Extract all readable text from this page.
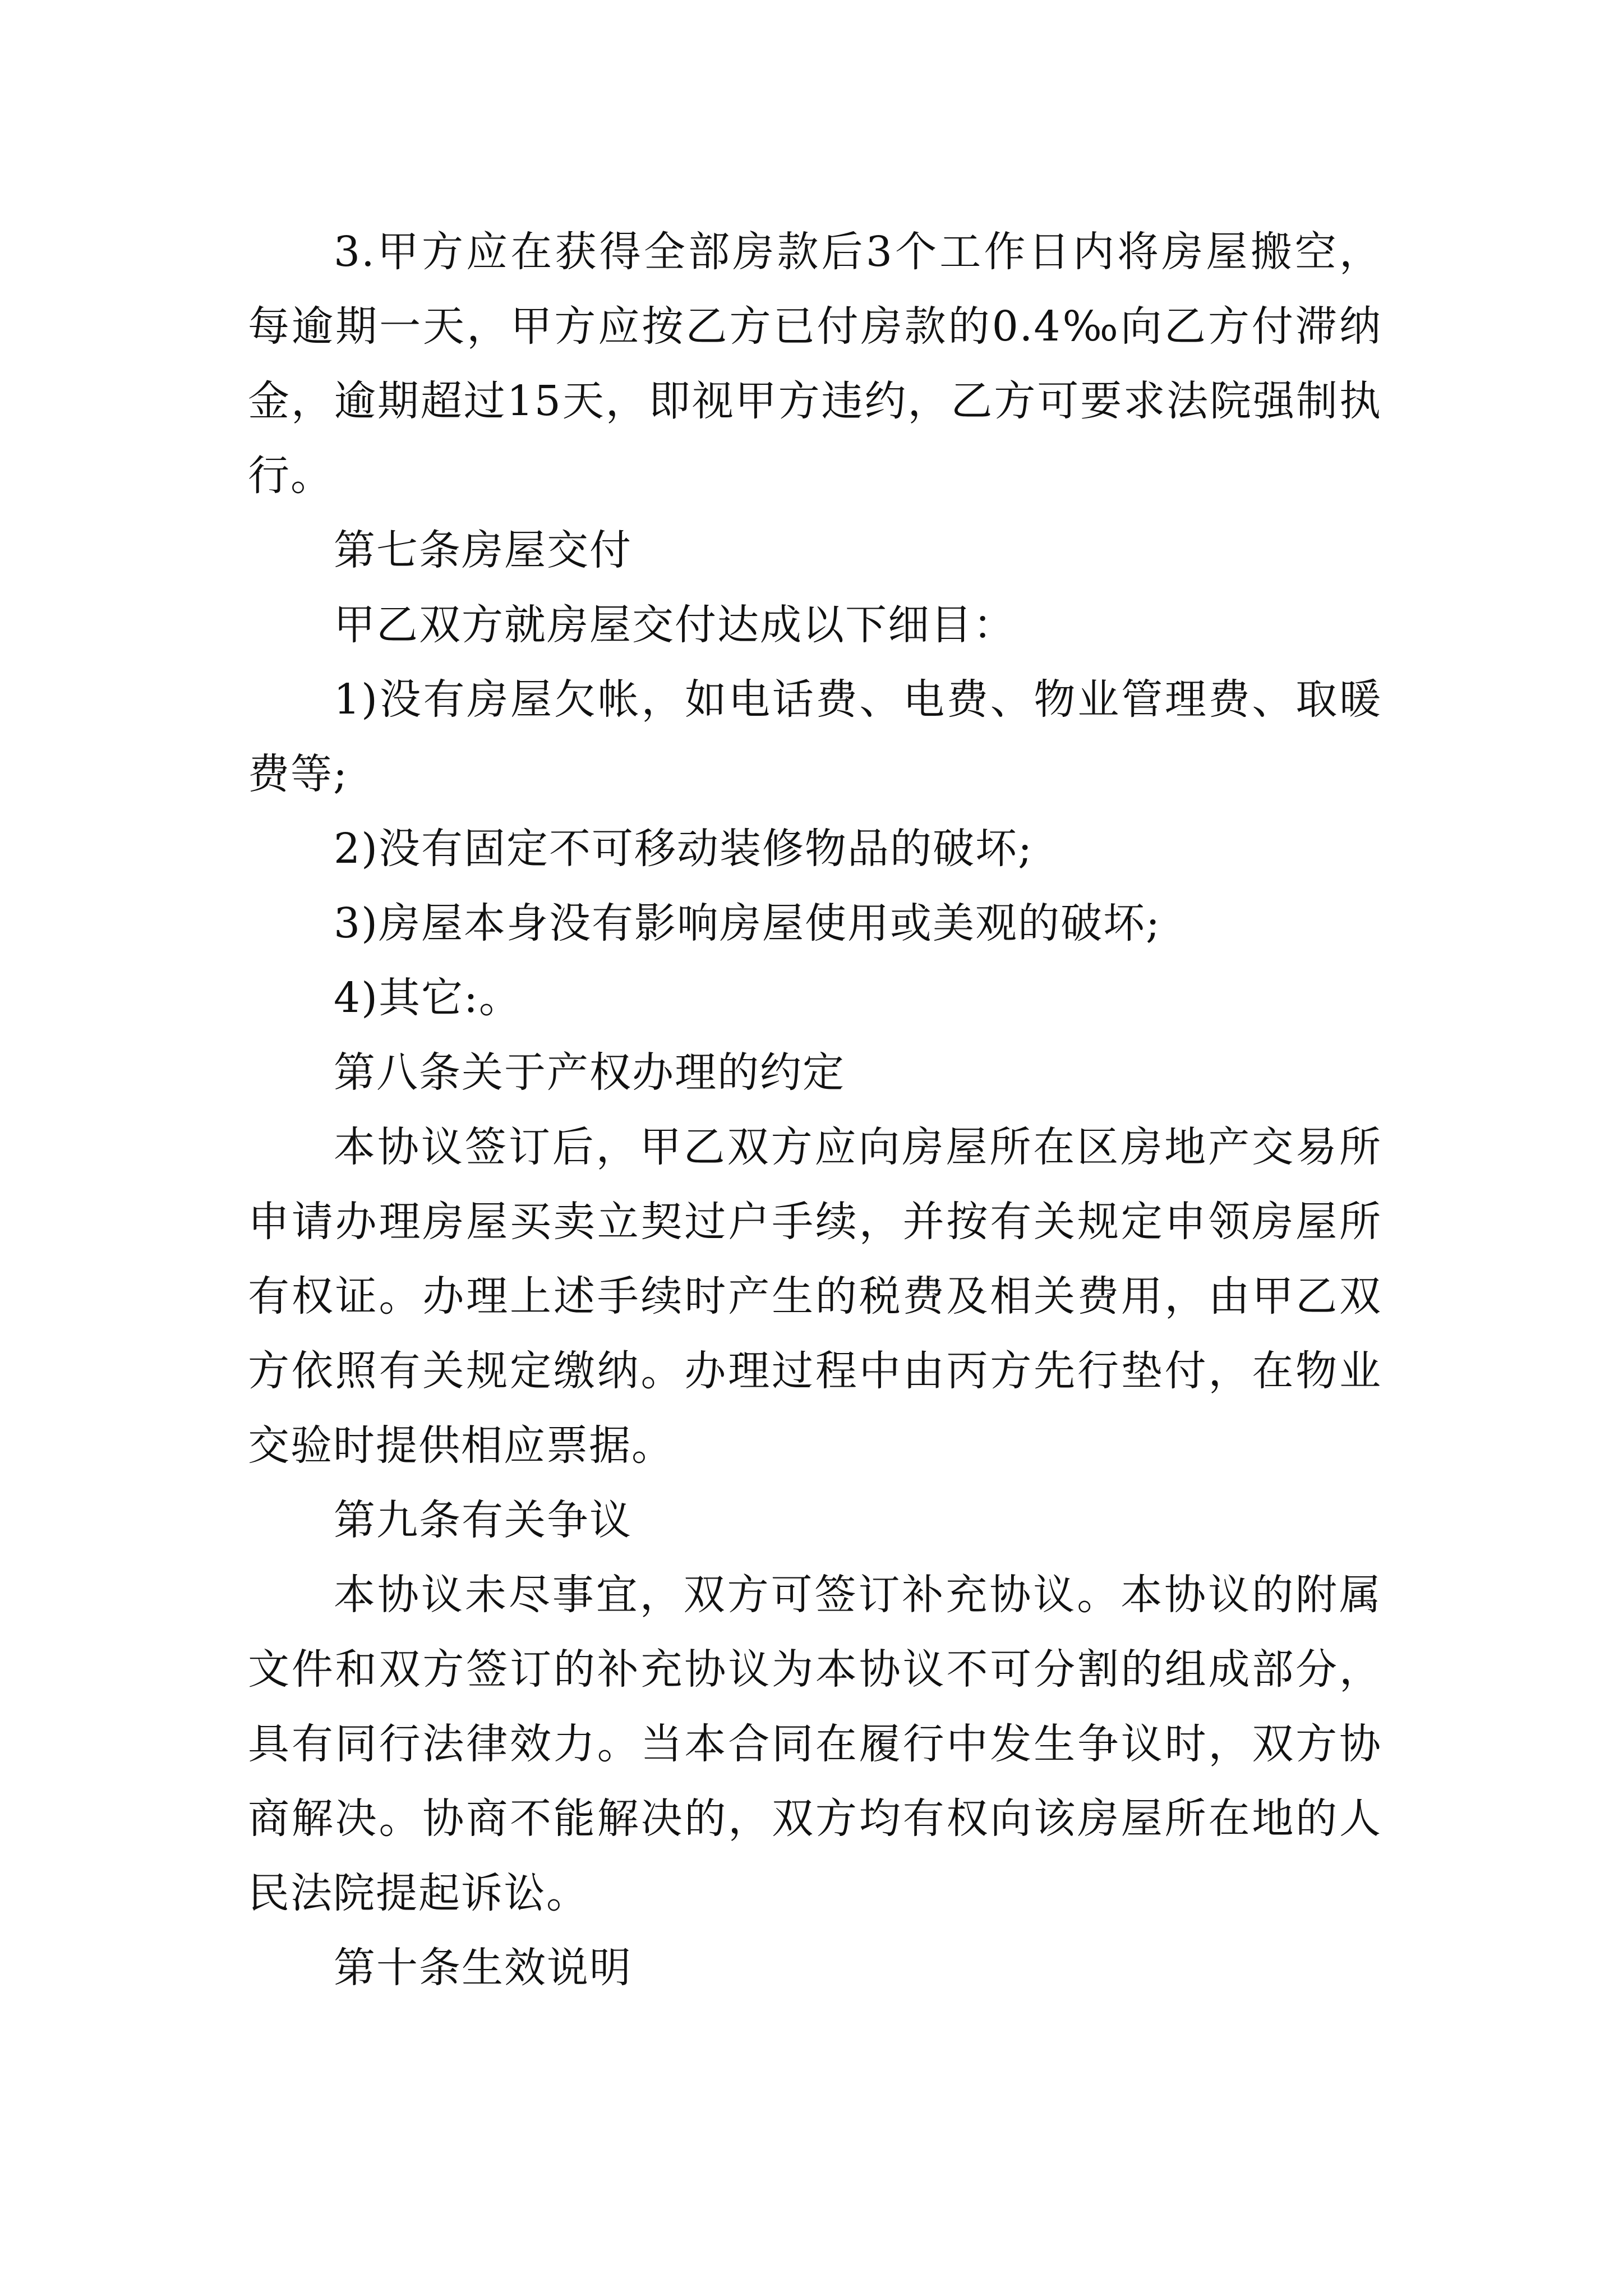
3.甲方应在获得全部房款后3个工作日内将房屋搬空，每逾期一天，甲方应按乙方已付房款的0.4‰向乙方付滞纳金，逾期超过15天，即视甲方违约，乙方可要求法院强制执行。

第七条房屋交付

甲乙双方就房屋交付达成以下细目：

1)没有房屋欠帐，如电话费、电费、物业管理费、取暖费等;

2)没有固定不可移动装修物品的破坏;

3)房屋本身没有影响房屋使用或美观的破坏;

4)其它:。

第八条关于产权办理的约定

本协议签订后，甲乙双方应向房屋所在区房地产交易所申请办理房屋买卖立契过户手续，并按有关规定申领房屋所有权证。办理上述手续时产生的税费及相关费用，由甲乙双方依照有关规定缴纳。办理过程中由丙方先行垫付，在物业交验时提供相应票据。

第九条有关争议

本协议未尽事宜，双方可签订补充协议。本协议的附属文件和双方签订的补充协议为本协议不可分割的组成部分，具有同行法律效力。当本合同在履行中发生争议时，双方协商解决。协商不能解决的，双方均有权向该房屋所在地的人民法院提起诉讼。

第十条生效说明
